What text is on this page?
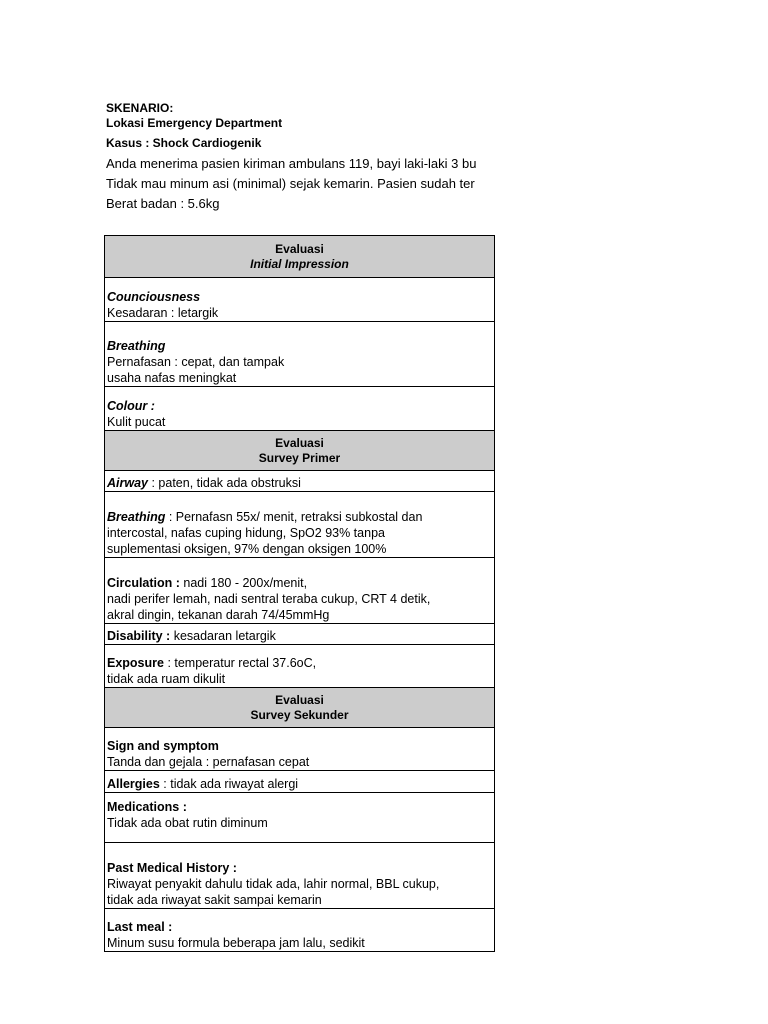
SKENARIO:
Lokasi Emergency Department
Kasus : Shock Cardiogenik
Anda menerima pasien kiriman ambulans 119, bayi laki-laki 3 bu
Tidak mau minum asi (minimal) sejak kemarin. Pasien sudah ter
Berat badan : 5.6kg
Evaluasi
Initial Impression

Counciousness
Kesadaran : letargik

Breathing
Pernafasan : cepat, dan tampak
usaha nafas meningkat

Colour :
Kulit pucat

Evaluasi
Survey Primer

Airway : paten, tidak ada obstruksi

Breathing : Pernafasn 55x/ menit, retraksi subkostal dan
intercostal, nafas cuping hidung, SpO2 93% tanpa
suplementasi oksigen, 97% dengan oksigen 100%

Circulation : nadi 180 - 200x/menit,
nadi perifer lemah, nadi sentral teraba cukup, CRT 4 detik,
akral dingin, tekanan darah 74/45mmHg

Disability : kesadaran letargik

Exposure : temperatur rectal 37.6oC,
tidak ada ruam dikulit

Evaluasi
Survey Sekunder

Sign and symptom
Tanda dan gejala : pernafasan cepat

Allergies : tidak ada riwayat alergi

Medications :
Tidak ada obat rutin diminum

Past Medical History :
Riwayat penyakit dahulu tidak ada, lahir normal, BBL cukup,
tidak ada riwayat sakit sampai kemarin

Last meal :
Minum susu formula beberapa jam lalu, sedikit
